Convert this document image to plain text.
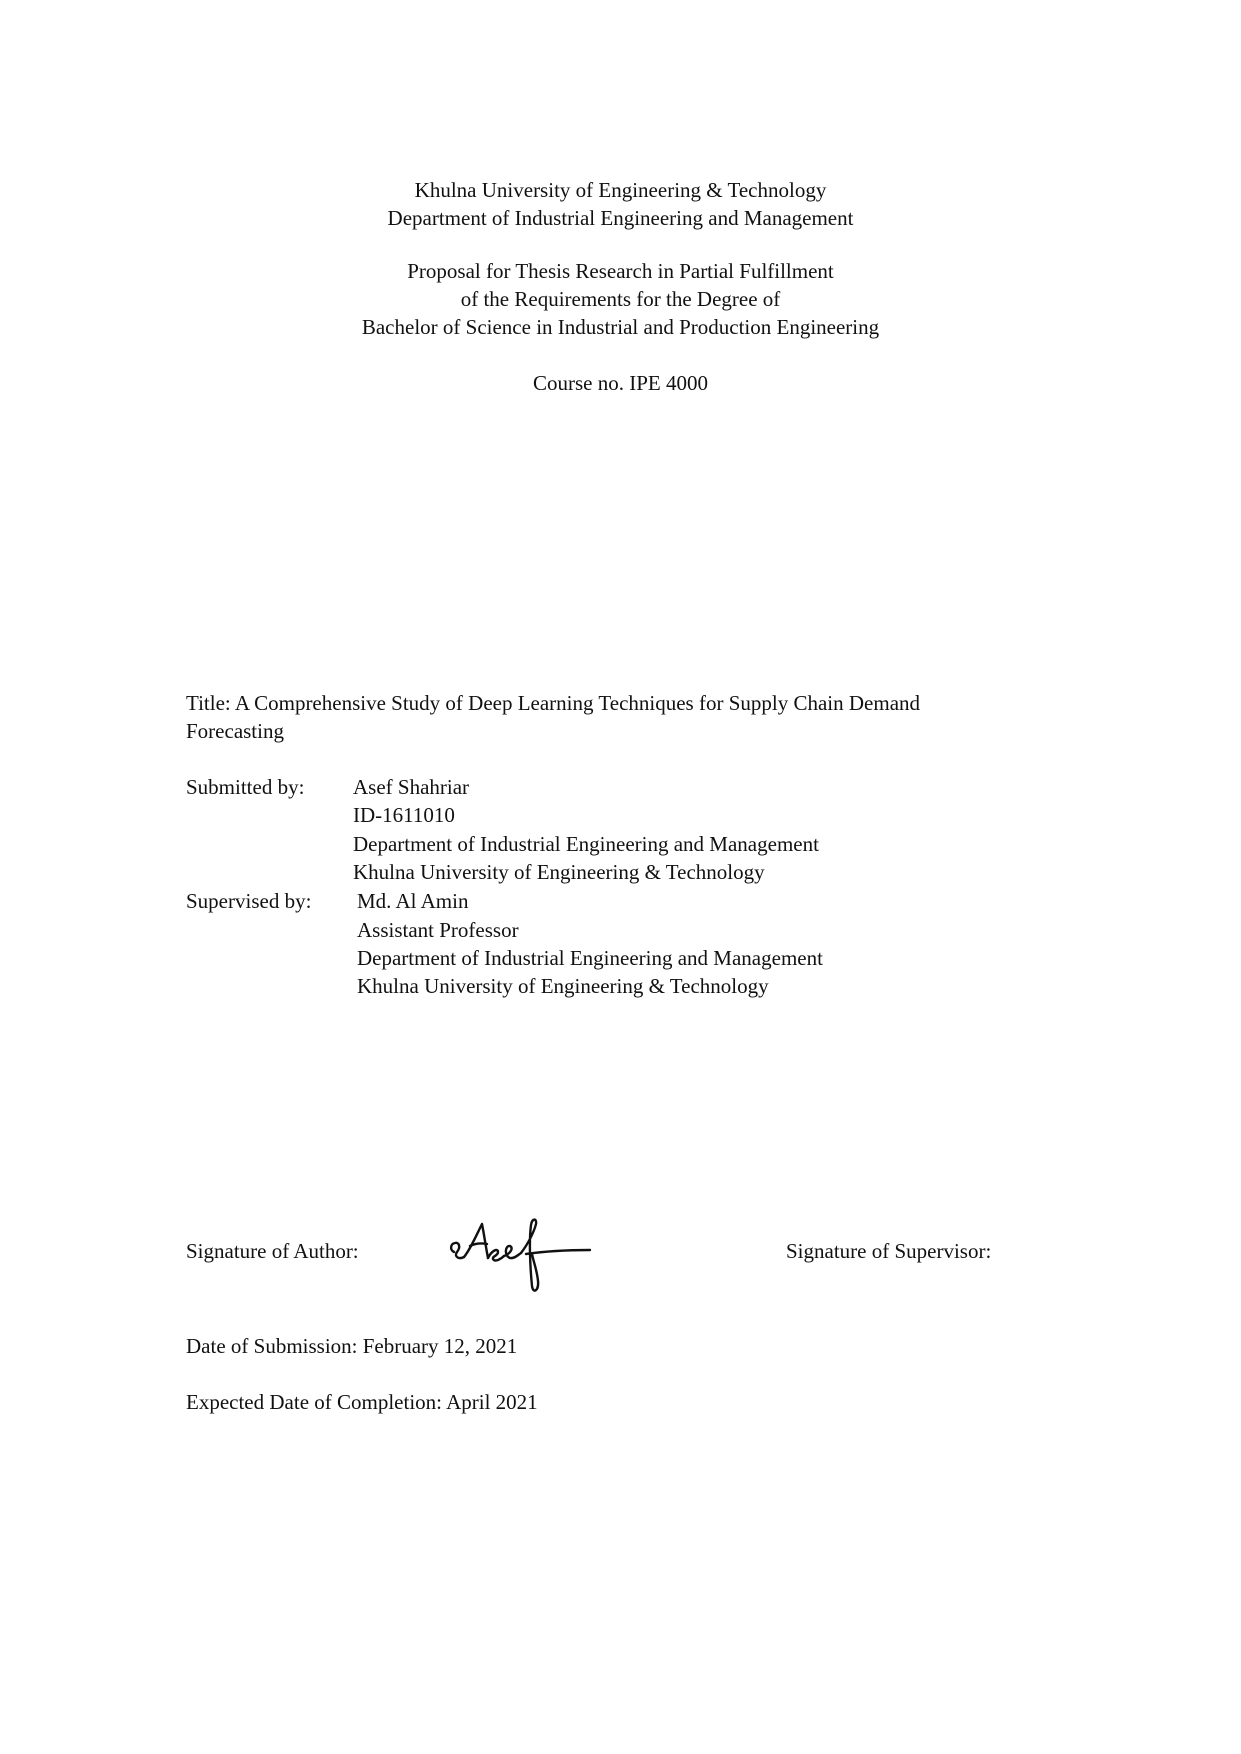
Khulna University of Engineering & Technology
Department of Industrial Engineering and Management
Proposal for Thesis Research in Partial Fulfillment
of the Requirements for the Degree of
Bachelor of Science in Industrial and Production Engineering
Course no. IPE 4000
Title: A Comprehensive Study of Deep Learning Techniques for Supply Chain Demand
Forecasting
Submitted by: Asef Shahriar
ID-1611010
Department of Industrial Engineering and Management
Khulna University of Engineering & Technology
Supervised by: Md. Al Amin
Assistant Professor
Department of Industrial Engineering and Management
Khulna University of Engineering & Technology
Signature of Author:	Signature of Supervisor:
Date of Submission: February 12, 2021
Expected Date of Completion: April 2021
